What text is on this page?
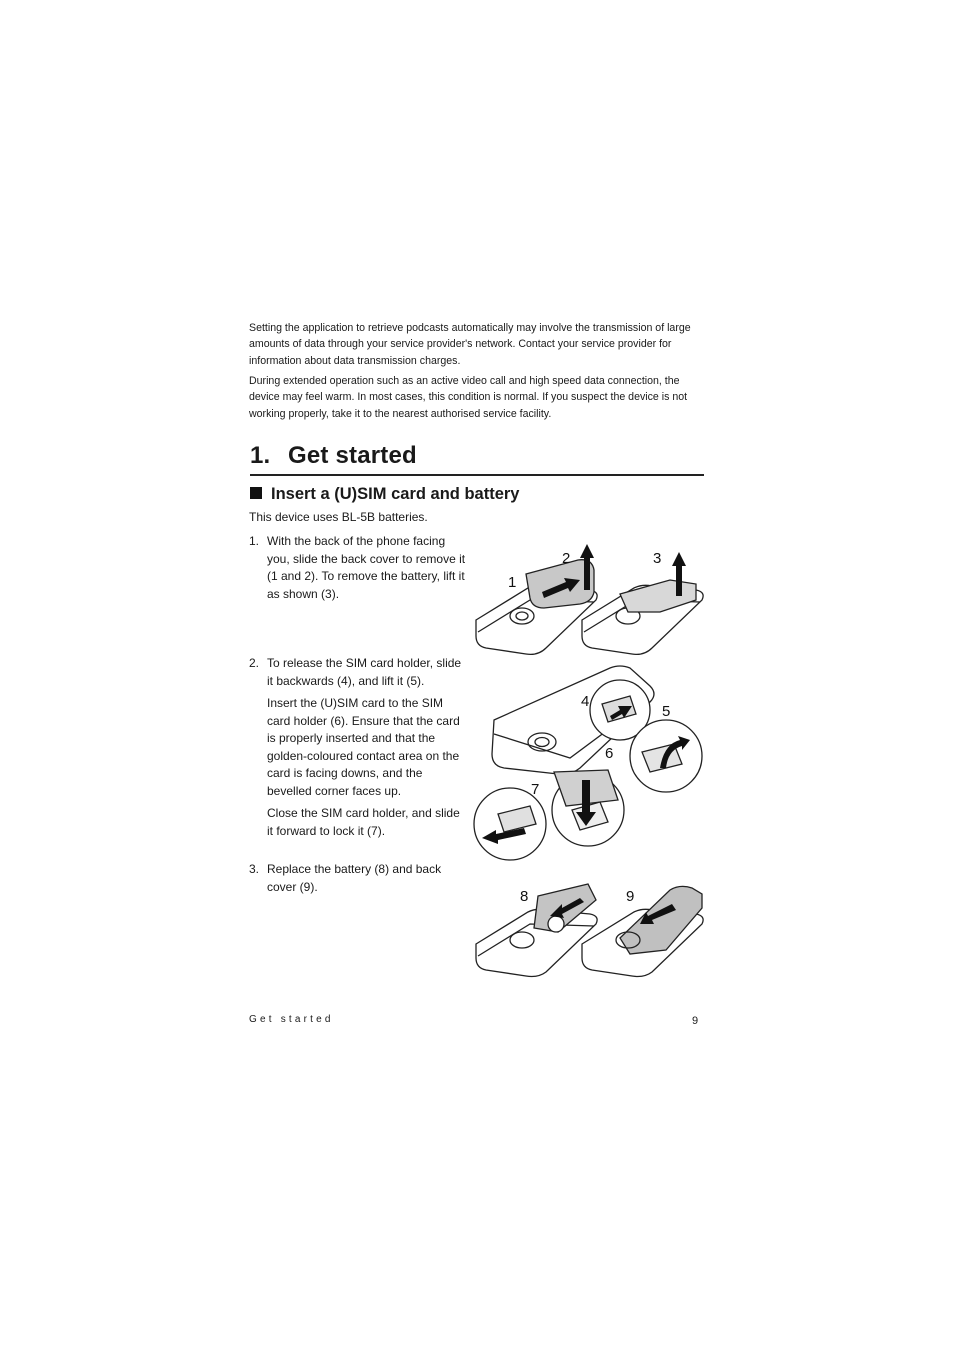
Setting the application to retrieve podcasts automatically may involve the transmission of large amounts of data through your service provider's network. Contact your service provider for information about data transmission charges.

During extended operation such as an active video call and high speed data connection, the device may feel warm. In most cases, this condition is normal. If you suspect the device is not working properly, take it to the nearest authorised service facility.

1. Get started
Insert a (U)SIM card and battery
This device uses BL-5B batteries.
1. With the back of the phone facing you, slide the back cover to remove it (1 and 2). To remove the battery, lift it as shown (3).
2. To release the SIM card holder, slide it backwards (4), and lift it (5).
Insert the (U)SIM card to the SIM card holder (6). Ensure that the card is properly inserted and that the golden-coloured contact area on the card is facing downs, and the bevelled corner faces up.
Close the SIM card holder, and slide it forward to lock it (7).
3. Replace the battery (8) and back cover (9).
1
2	3
4
5
6
7
8	9
Get started	9
